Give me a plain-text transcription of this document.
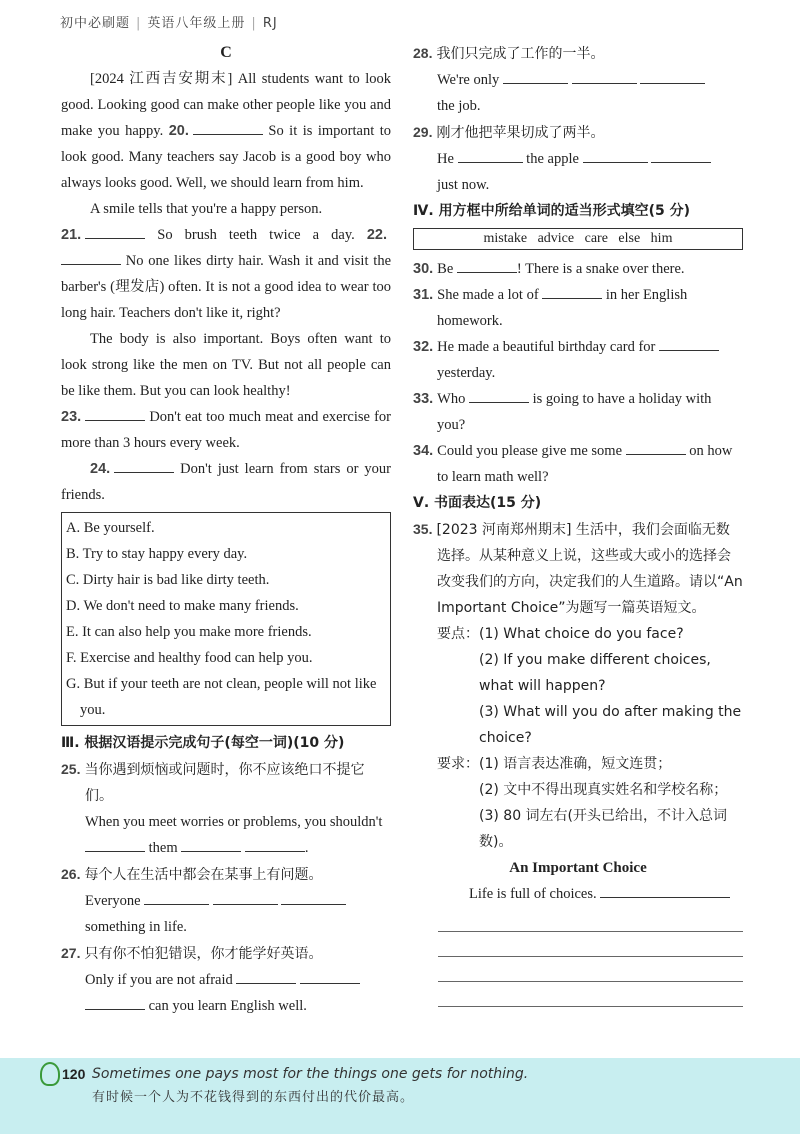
初中必刷题 | 英语八年级上册 | RJ
C
[2024 江西吉安期末] All students want to look good. Looking good can make other people like you and make you happy. 20.	So it is important to look good. Many teachers say Jacob is a good boy who always looks good. Well, we should learn from him.
A smile tells that you're a happy person.
21.	So brush teeth twice a day. 22. No one likes dirty hair. Wash it and visit the barber's (理发店) often. It is not a good idea to wear too long hair. Teachers don't like it, right?
The body is also important. Boys often want to look strong like the men on TV. But not all people can be like them. But you can look healthy!
23.	Don't eat too much meat and exercise for more than 3 hours every week.
24.	Don't just learn from stars or your friends.
A. Be yourself.
B. Try to stay happy every day.
C. Dirty hair is bad like dirty teeth.
D. We don't need to make many friends.
E. It can also help you make more friends.
F. Exercise and healthy food can help you.
G. But if your teeth are not clean, people will not like you.
Ⅲ. 根据汉语提示完成句子(每空一词)(10 分)
25. 当你遇到烦恼或问题时，你不应该绝口不提它们。
When you meet worries or problems, you shouldn't  them	.
26. 每个人在生活中都会在某事上有问题。
Everyone
something in life.
27. 只有你不怕犯错误，你才能学好英语。
Only if you are not afraid
can you learn English well.
28. 我们只完成了工作的一半。
We're only
the job.
29. 刚才他把苹果切成了两半。
He	the apple
just now.
Ⅳ. 用方框中所给单词的适当形式填空(5 分)
mistake   advice   care   else   him
30. Be	! There is a snake over there.
31. She made a lot of	in her English homework.
32. He made a beautiful birthday card for  yesterday.
33. Who	is going to have a holiday with you?
34. Could you please give me some	on how to learn math well?
Ⅴ. 书面表达(15 分)
35. [2023 河南郑州期末] 生活中，我们会面临无数选择。从某种意义上说，这些或大或小的选择会改变我们的方向，决定我们的人生道路。请以“An Important Choice”为题写一篇英语短文。
要点：(1) What choice do you face?
(2) If you make different choices, what will happen?
(3) What will you do after making the choice?
要求：(1) 语言表达准确，短文连贯；
(2) 文中不得出现真实姓名和学校名称；
(3) 80 词左右(开头已给出，不计入总词数)。
An Important Choice
Life is full of choices.
120 Sometimes one pays most for the things one gets for nothing.
有时候一个人为不花钱得到的东西付出的代价最高。
